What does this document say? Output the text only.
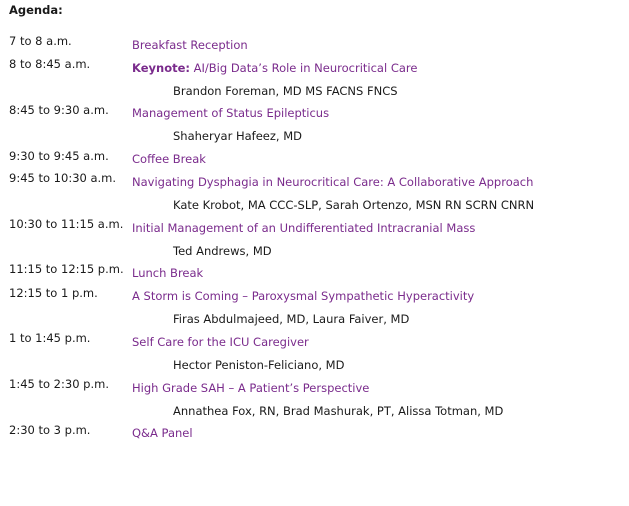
Agenda:
7 to 8 a.m.	Breakfast Reception
8 to 8:45 a.m.	Keynote: AI/Big Data’s Role in Neurocritical Care
Brandon Foreman, MD MS FACNS FNCS
8:45 to 9:30 a.m. Management of Status Epilepticus
Shaheryar Hafeez, MD
9:30 to 9:45 a.m. Coffee Break
9:45 to 10:30 a.m. Navigating Dysphagia in Neurocritical Care: A Collaborative Approach
Kate Krobot, MA CCC-SLP, Sarah Ortenzo, MSN RN SCRN CNRN
10:30 to 11:15 a.m. Initial Management of an Undifferentiated Intracranial Mass
Ted Andrews, MD
11:15 to 12:15 p.m. Lunch Break
12:15 to 1 p.m.	A Storm is Coming – Paroxysmal Sympathetic Hyperactivity
Firas Abdulmajeed, MD, Laura Faiver, MD
1 to 1:45 p.m.	Self Care for the ICU Caregiver
Hector Peniston-Feliciano, MD
1:45 to 2:30 p.m. High Grade SAH – A Patient’s Perspective
Annathea Fox, RN, Brad Mashurak, PT, Alissa Totman, MD
2:30 to 3 p.m.	Q&A Panel
